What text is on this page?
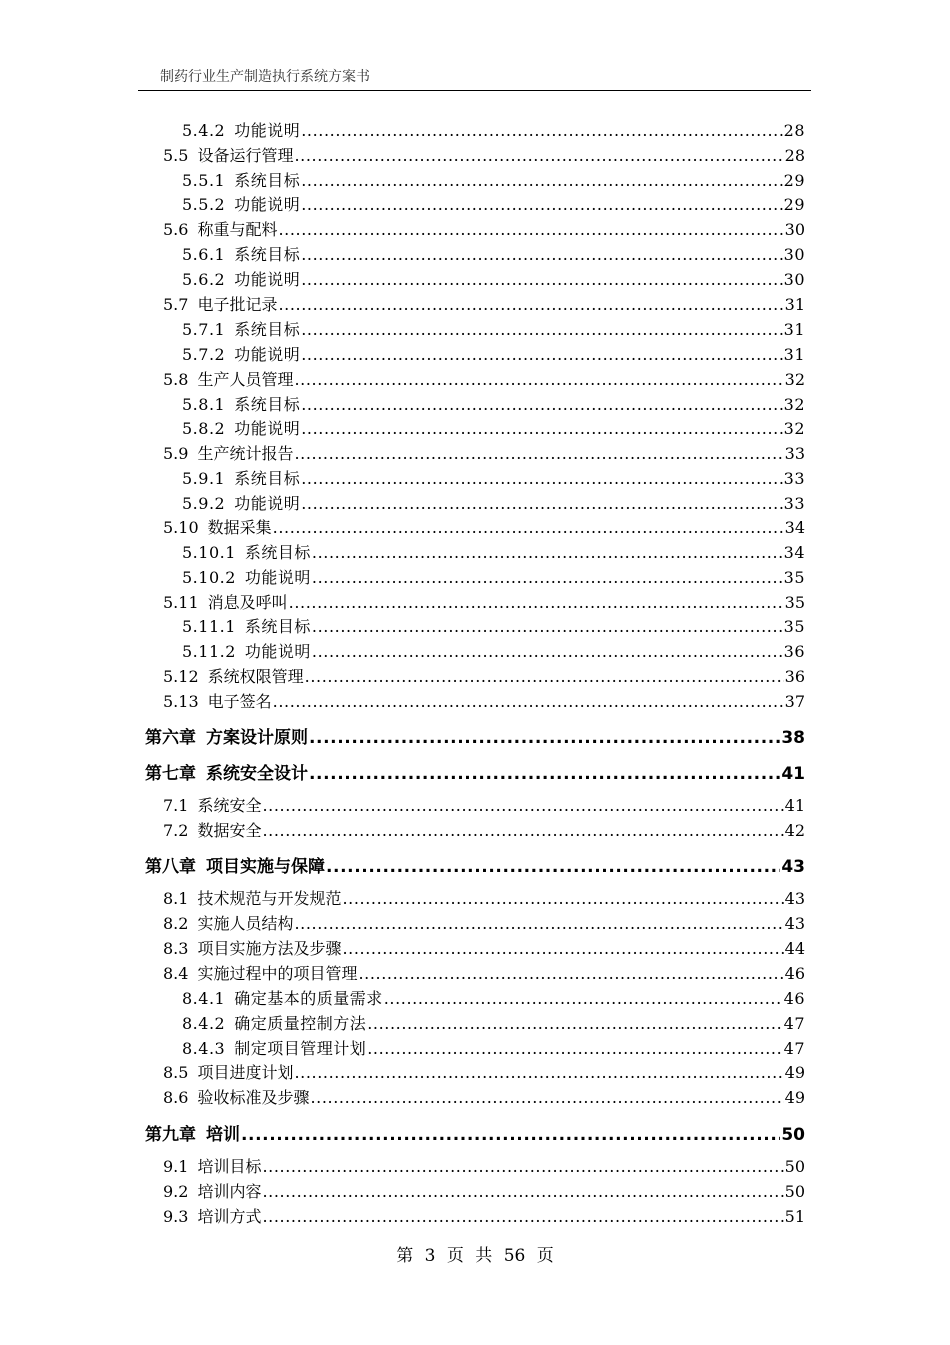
制药行业生产制造执行系统方案书
5.4.2 功能说明 .....	28
5.5 设备运行管理 .....	28
5.5.1 系统目标 .....	29
5.5.2 功能说明 .....	29
5.6 称重与配料 .....	30
5.6.1 系统目标 .....	30
5.6.2 功能说明 .....	30
5.7 电子批记录 .....	31
5.7.1 系统目标 .....	31
5.7.2 功能说明 .....	31
5.8 生产人员管理 .....	32
5.8.1 系统目标 .....	32
5.8.2 功能说明 .....	32
5.9 生产统计报告 .....	33
5.9.1 系统目标 .....	33
5.9.2 功能说明 .....	33
5.10 数据采集 .....	34
5.10.1 系统目标 .....	34
5.10.2 功能说明 .....	35
5.11 消息及呼叫 .....	35
5.11.1 系统目标 .....	35
5.11.2 功能说明 .....	36
5.12 系统权限管理 .....	36
5.13 电子签名 .....	37
第六章 方案设计原则 .....	38
第七章 系统安全设计 .....	41
7.1 系统安全 .....	41
7.2 数据安全 .....	42
第八章 项目实施与保障 .....	43
8.1 技术规范与开发规范 .....	43
8.2 实施人员结构 .....	43
8.3 项目实施方法及步骤 .....	44
8.4 实施过程中的项目管理 .....	46
8.4.1 确定基本的质量需求 .....	46
8.4.2 确定质量控制方法 .....	47
8.4.3 制定项目管理计划 .....	47
8.5 项目进度计划 .....	49
8.6 验收标准及步骤 .....	49
第九章 培训 .....	50
9.1 培训目标 .....	50
9.2 培训内容 .....	50
9.3 培训方式 .....	51
第 3 页 共 56 页
